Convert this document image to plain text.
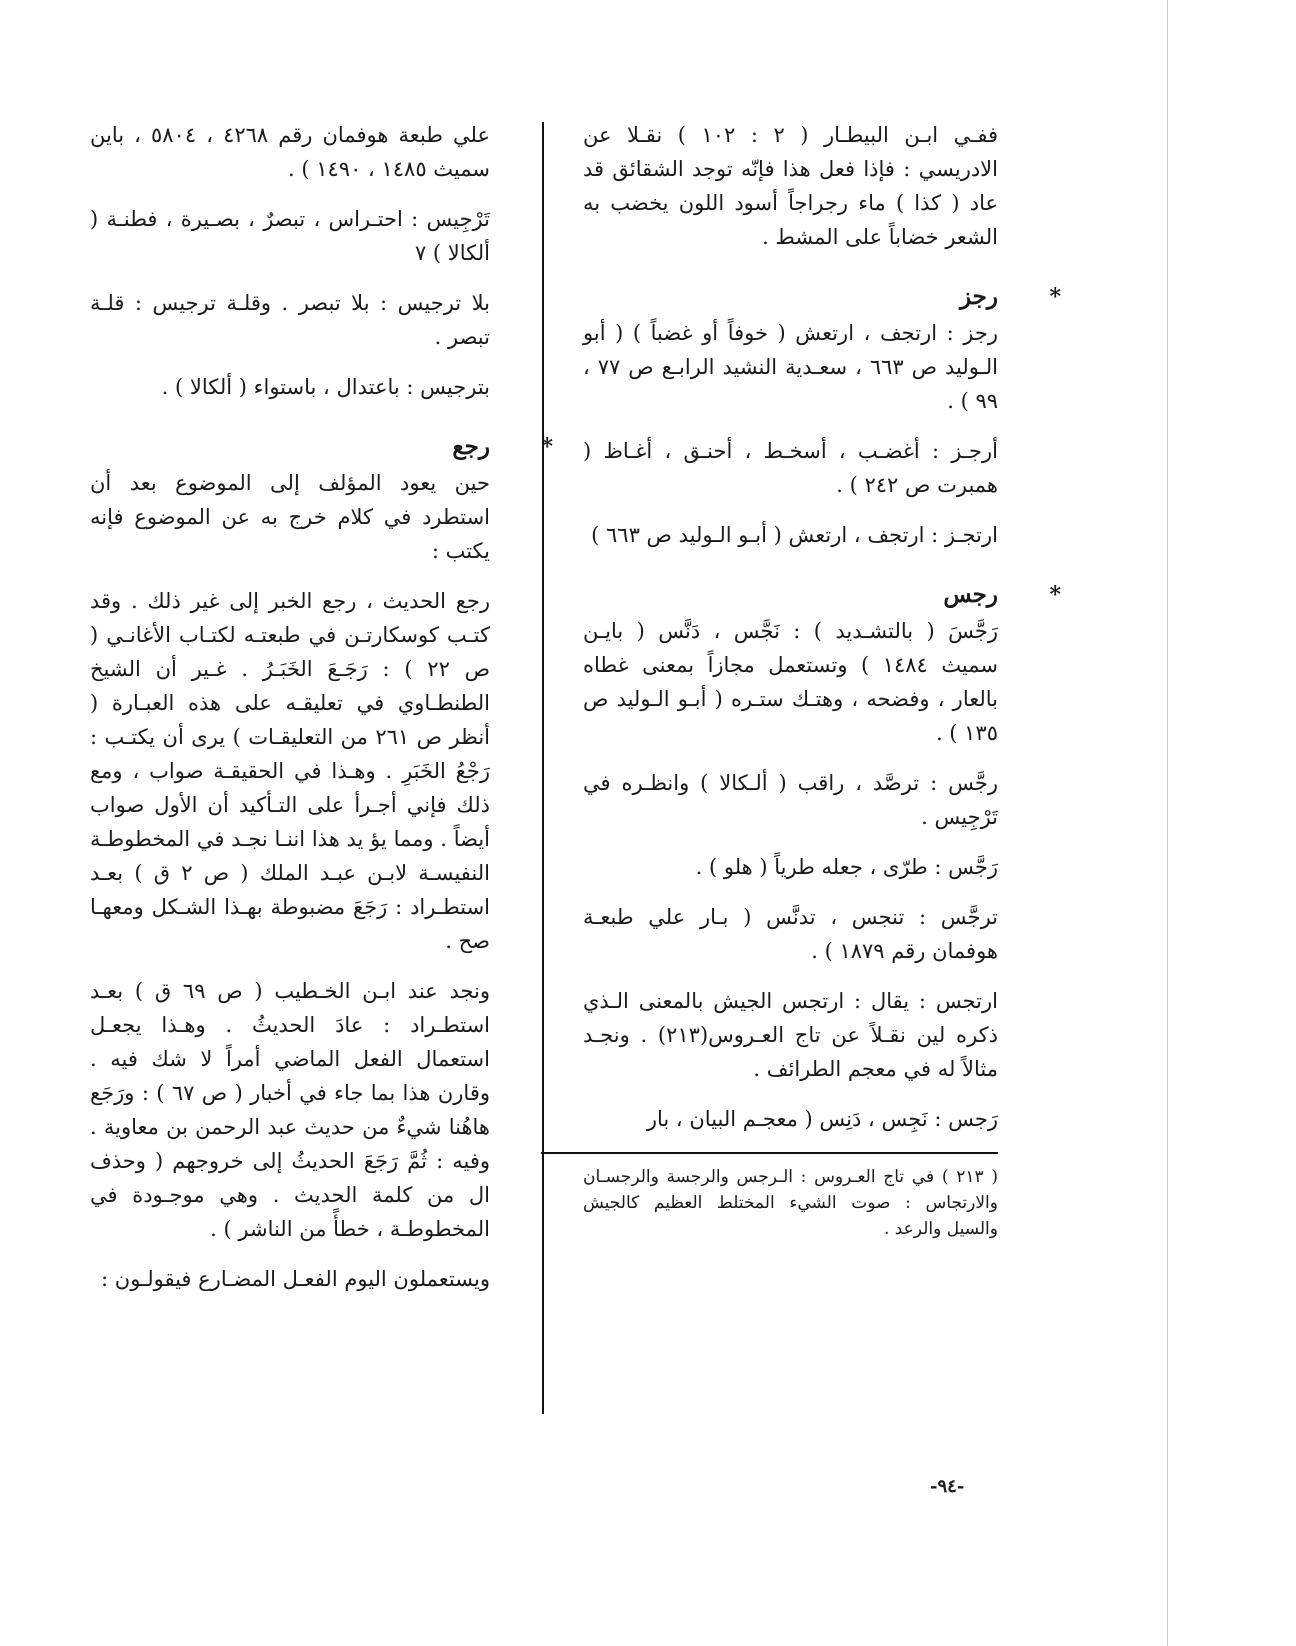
ففـي ابـن البيطـار ( ٢ : ١٠٢ ) نقـلا عن الادريسي : فإذا فعل هذا فإنّه توجد الشقائق قد عاد ( كذا ) ماء رجراجاً أسود اللون يخضب به الشعر خضاباً على المشط .

*
رجز

رجز : ارتجف ، ارتعش ( خوفاً أو غضباً ) ( أبو الـوليد ص ٦٦٣ ، سعـدية النشيد الرابـع ص ٧٧ ، ٩٩ ) .

أرجـز : أغضـب ، أسخـط ، أحنـق ، أغـاظ ( همبرت ص ٢٤٢ ) .

ارتجـز : ارتجف ، ارتعش ( أبـو الـوليد ص ٦٦٣ )

*
رجس

رَجَّسَ ( بالتشـديد ) : نَجَّس ، دَنَّس ( بايـن سميث ١٤٨٤ ) وتستعمل مجازاً بمعنى غطاه بالعار ، وفضحه ، وهتـك ستـره ( أبـو الـوليد ص ١٣٥ ) .

رجَّس : ترصَّد ، راقب ( ألـكالا ) وانظـره في تَرْجِيس .

رَجَّس : طرّى ، جعله طرياً ( هلو ) .

ترجَّس : تنجس ، تدنَّس ( بـار علي طبعـة هوفمان رقم ١٨٧٩ ) .

ارتجس : يقال : ارتجس الجيش بالمعنى الـذي ذكره لين نقـلاً عن تاج العـروس(٢١٣) . ونجـد مثالاً له في معجم الطرائف .

رَجس : نَجِس ، دَنِس ( معجـم البيان ، بار

( ٢١٣ ) في تاج العـروس : الـرجس والرجسة والرجسـان والارتجاس : صوت الشيء المختلط العظيم كالجيش والسيل والرعد .

علي طبعة هوفمان رقم ٤٢٦٨ ، ٥٨٠٤ ، باين سميث ١٤٨٥ ، ١٤٩٠ ) .

تَرْجِيس : احتـراس ، تبصرٌ ، بصـيرة ، فطنـة ( ألكالا ) ٧

بلا ترجيس : بلا تبصر . وقلـة ترجيس : قلـة تبصر .

بترجيس : باعتدال ، باستواء ( ألكالا ) .

*
رجع

حين يعود المؤلف إلى الموضوع بعد أن استطرد في كلام خرج به عن الموضوع فإنه يكتب :

رجع الحديث ، رجع الخبر إلى غير ذلك . وقد كتـب كوسكارتـن في طبعتـه لكتـاب الأغانـي ( ص ٢٢ ) : رَجَـعَ الخَبَـرُ . غـير أن الشيخ الطنطـاوي في تعليقـه على هذه العبـارة ( أنظر ص ٢٦١ من التعليقـات ) يرى أن يكتـب : رَجْعُ الخَبَرِ . وهـذا في الحقيقـة صواب ، ومع ذلك فإني أجـرأ على التـأكيد أن الأول صواب أيضاً . ومما يؤ يد هذا اننـا نجـد في المخطوطـة النفيسـة لابـن عبـد الملك ( ص ٢ ق ) بعـد استطـراد : رَجَعَ مضبوطة بهـذا الشـكل ومعهـا صح .

ونجد عند ابـن الخـطيب ( ص ٦٩ ق ) بعـد استطـراد : عادَ الحديثُ . وهـذا يجعـل استعمال الفعل الماضي أمراً لا شك فيه . وقارن هذا بما جاء في أخبار ( ص ٦٧ ) : ورَجَع هاهُنا شيءٌ من حديث عبد الرحمن بن معاوية . وفيه : ثُمَّ رَجَعَ الحديثُ إلى خروجهم ( وحذف ال من كلمة الحديث . وهي موجـودة في المخطوطـة ، خطأً من الناشر ) .

ويستعملون اليوم الفعـل المضـارع فيقولـون :

-٩٤-
